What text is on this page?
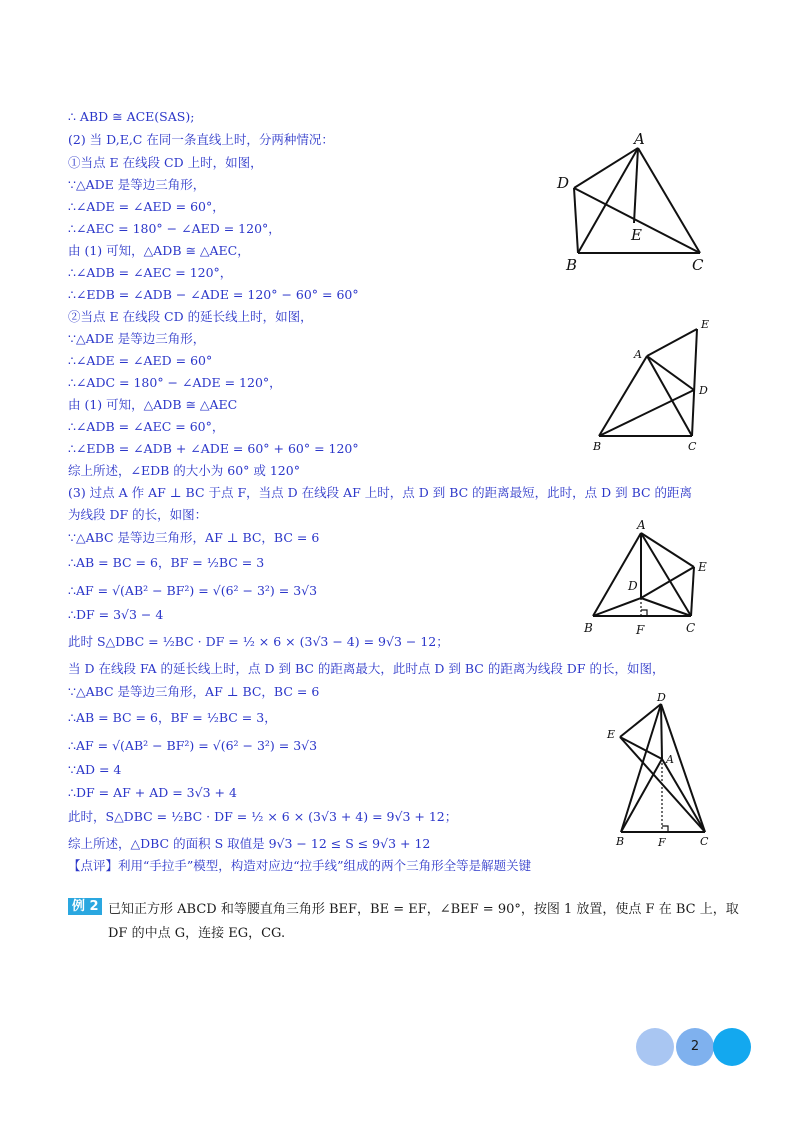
∴ ABD ≅ ACE(SAS);
(2) 当 D,E,C 在同一条直线上时，分两种情况：
①当点 E 在线段 CD 上时，如图，
∵△ADE 是等边三角形，
∴∠ADE = ∠AED = 60°，
∴∠AEC = 180° − ∠AED = 120°，
由 (1) 可知，△ADB ≅ △AEC，
∴∠ADB = ∠AEC = 120°，
∴∠EDB = ∠ADB − ∠ADE = 120° − 60° = 60°
②当点 E 在线段 CD 的延长线上时，如图，
∵△ADE 是等边三角形，
∴∠ADE = ∠AED = 60°
∴∠ADC = 180° − ∠ADE = 120°，
由 (1) 可知，△ADB ≅ △AEC
∴∠ADB = ∠AEC = 60°，
∴∠EDB = ∠ADB + ∠ADE = 60° + 60° = 120°
综上所述，∠EDB 的大小为 60° 或 120°
(3) 过点 A 作 AF ⊥ BC 于点 F，当点 D 在线段 AF 上时，点 D 到 BC 的距离最短，此时，点 D 到 BC 的距离
为线段 DF 的长，如图：
∵△ABC 是等边三角形，AF ⊥ BC，BC = 6
∴AB = BC = 6，BF = ½BC = 3
∴AF = √(AB² − BF²) = √(6² − 3²) = 3√3
∴DF = 3√3 − 4
此时 S△DBC = ½BC · DF = ½ × 6 × (3√3 − 4) = 9√3 − 12；
当 D 在线段 FA 的延长线上时，点 D 到 BC 的距离最大，此时点 D 到 BC 的距离为线段 DF 的长，如图，
∵△ABC 是等边三角形，AF ⊥ BC，BC = 6
∴AB = BC = 6，BF = ½BC = 3，
∴AF = √(AB² − BF²) = √(6² − 3²) = 3√3
∵AD = 4
∴DF = AF + AD = 3√3 + 4
此时，S△DBC = ½BC · DF = ½ × 6 × (3√3 + 4) = 9√3 + 12；
综上所述，△DBC 的面积 S 取值是 9√3 − 12 ≤ S ≤ 9√3 + 12
【点评】利用“手拉手”模型，构造对应边“拉手线”组成的两个三角形全等是解题关键
A
D
E
B	C
E
A
D
B	C
A
E
D
B	F	C
D
E
A
B	F	C
例 2 已知正方形 ABCD 和等腰直角三角形 BEF，BE = EF，∠BEF = 90°，按图 1 放置，使点 F 在 BC 上，取 DF 的中点 G，连接 EG，CG.
2
